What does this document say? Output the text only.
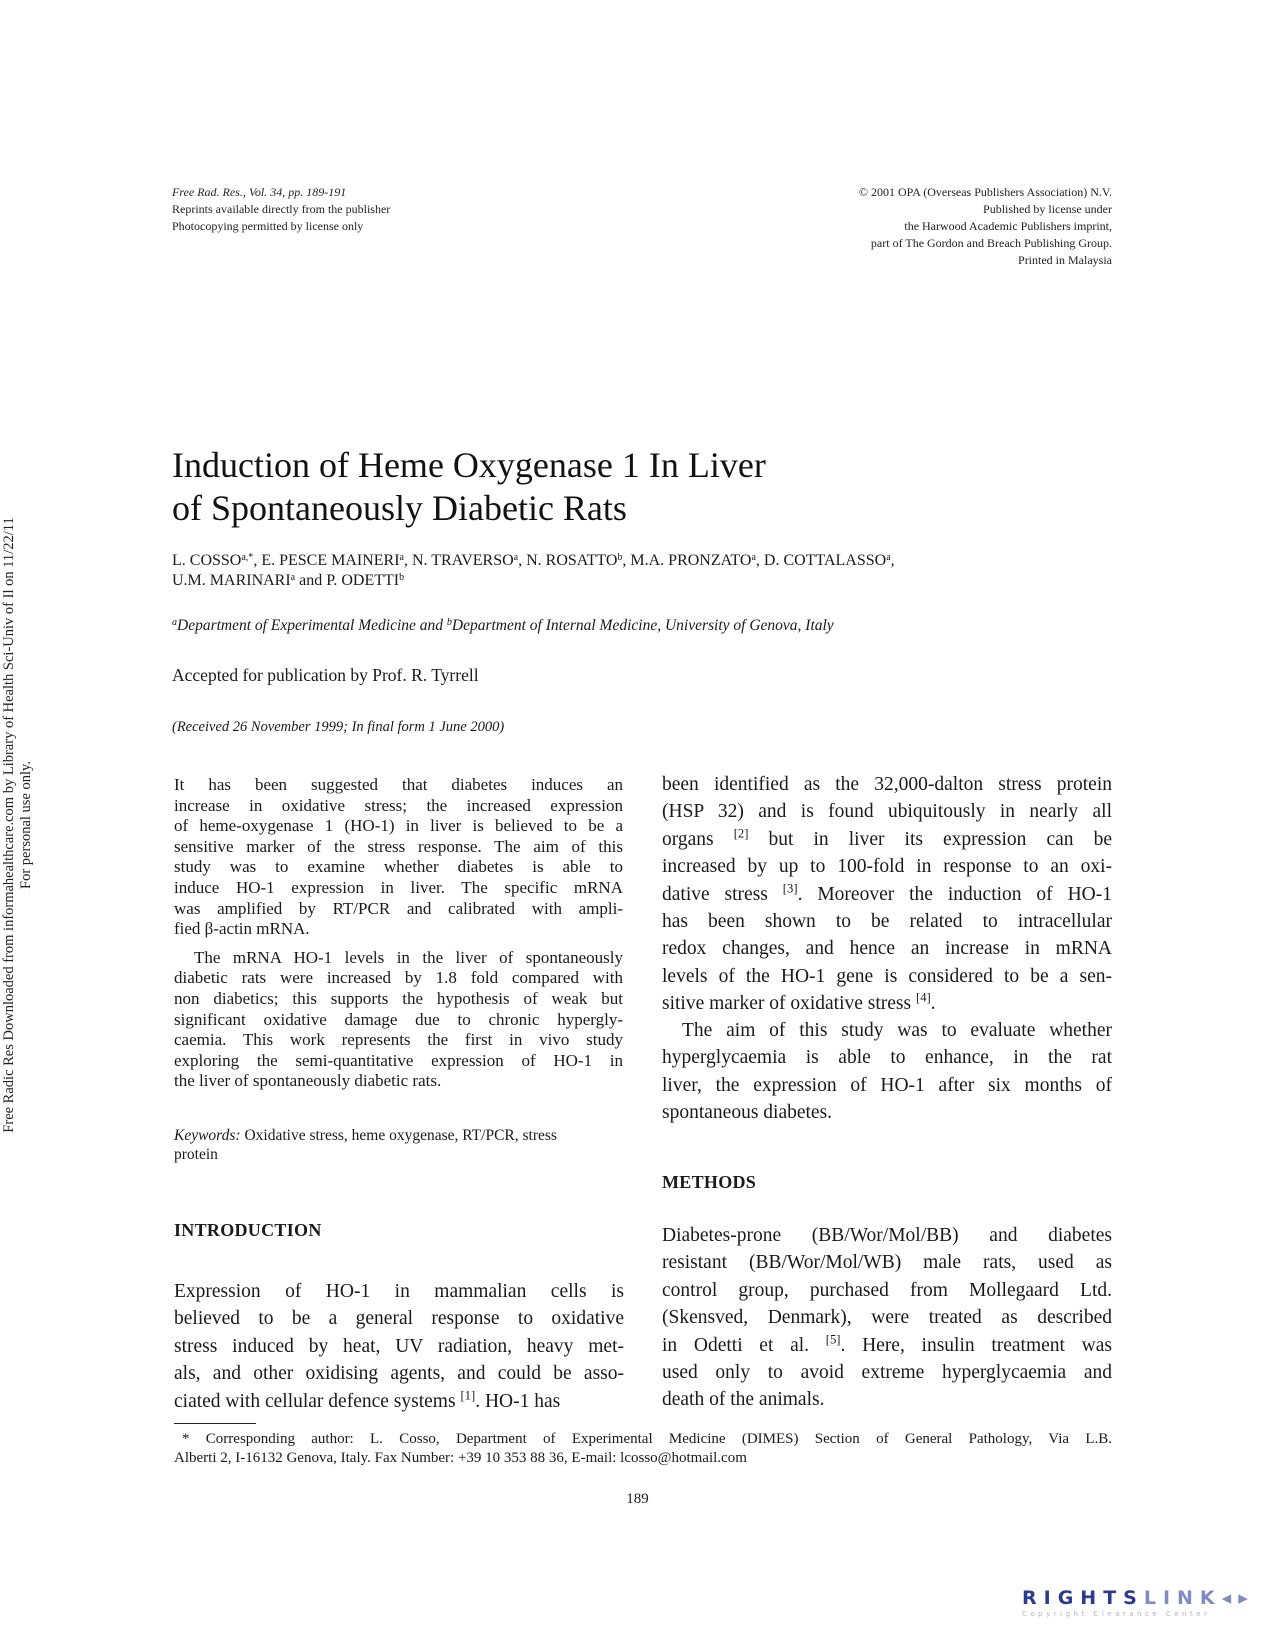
Free Rad. Res., Vol. 34, pp. 189-191
Reprints available directly from the publisher
Photocopying permitted by license only
© 2001 OPA (Overseas Publishers Association) N.V.
Published by license under
the Harwood Academic Publishers imprint,
part of The Gordon and Breach Publishing Group.
Printed in Malaysia
Induction of Heme Oxygenase 1 In Liver
of Spontaneously Diabetic Rats
L. $COSSO^{a,*}$, E. PESCE MAINERI$^a$, N. TRAVERSO$^a$, N. ROSATTO$^b$, M.A. PRONZATO$^a$, D. COTTALASSO$^a$,
U.M. MARINARI$^a$ and P. ODETTI$^b$
$^a$Department of Experimental Medicine and $^b$Department of Internal Medicine, University of Genova, Italy
Accepted for publication by Prof. R. Tyrrell
(Received 26 November 1999; In final form 1 June 2000)
It has been suggested that diabetes induces an
increase in oxidative stress; the increased expression
of heme-oxygenase 1 (HO-1) in liver is believed to be a
sensitive marker of the stress response. The aim of this
study was to examine whether diabetes is able to
induce HO-1 expression in liver. The specific mRNA
was amplified by RT/PCR and calibrated with ampli-
fied β-actin mRNA.
The mRNA HO-1 levels in the liver of spontaneously
diabetic rats were increased by 1.8 fold compared with
non diabetics; this supports the hypothesis of weak but
significant oxidative damage due to chronic hypergly-
caemia. This work represents the first in vivo study
exploring the semi-quantitative expression of HO-1 in
the liver of spontaneously diabetic rats.
Keywords: Oxidative stress, heme oxygenase, RT/PCR, stress
protein
INTRODUCTION
Expression of HO-1 in mammalian cells is
believed to be a general response to oxidative
stress induced by heat, UV radiation, heavy met-
als, and other oxidising agents, and could be asso-
ciated with cellular defence systems [1]. HO-1 has
been identified as the 32,000-dalton stress protein
(HSP 32) and is found ubiquitously in nearly all
organs [2] but in liver its expression can be
increased by up to 100-fold in response to an oxi-
dative stress [3]. Moreover the induction of HO-1
has been shown to be related to intracellular
redox changes, and hence an increase in mRNA
levels of the HO-1 gene is considered to be a sen-
sitive marker of oxidative stress [4].
The aim of this study was to evaluate whether
hyperglycaemia is able to enhance, in the rat
liver, the expression of HO-1 after six months of
spontaneous diabetes.
METHODS
Diabetes-prone (BB/Wor/Mol/BB) and diabetes
resistant (BB/Wor/Mol/WB) male rats, used as
control group, purchased from Mollegaard Ltd.
(Skensved, Denmark), were treated as described
in Odetti et al. [5]. Here, insulin treatment was
used only to avoid extreme hyperglycaemia and
death of the animals.
* Corresponding author: L. Cosso, Department of Experimental Medicine (DIMES) Section of General Pathology, Via L.B.
Alberti 2, I-16132 Genova, Italy. Fax Number: +39 10 353 88 36, E-mail: lcosso@hotmail.com
189
Free Radic Res Downloaded from informahealthcare.com by Library of Health Sci-Univ of Il on 11/22/11 For personal use only.
RIGHTSLINK◂▸
Copyright Clearance Center
